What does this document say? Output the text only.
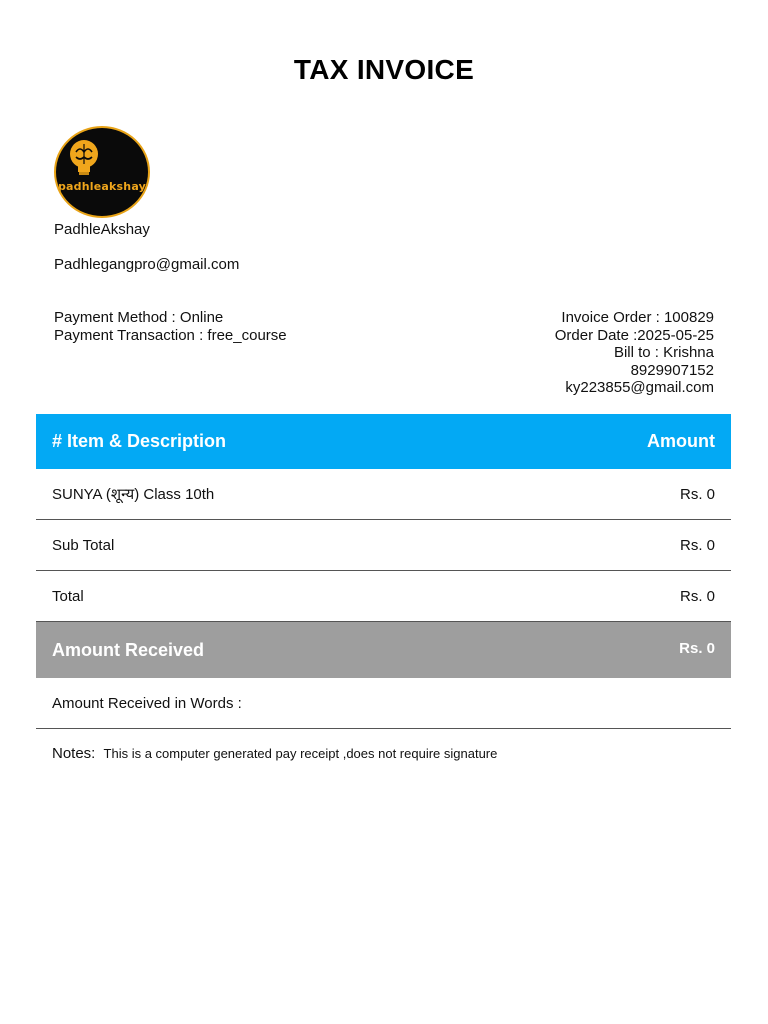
TAX INVOICE
padhleakshay
PadhleAkshay
Padhlegangpro@gmail.com
Payment Method : Online
Payment Transaction : free_course
Invoice Order : 100829
Order Date :2025-05-25
Bill to : Krishna
8929907152
ky223855@gmail.com
# Item & Description	Amount
SUNYA (शून्य) Class 10th	Rs. 0
Sub Total	Rs. 0
Total	Rs. 0
Amount Received	Rs. 0
Amount Received in Words :
Notes: This is a computer generated pay receipt ,does not require signature
